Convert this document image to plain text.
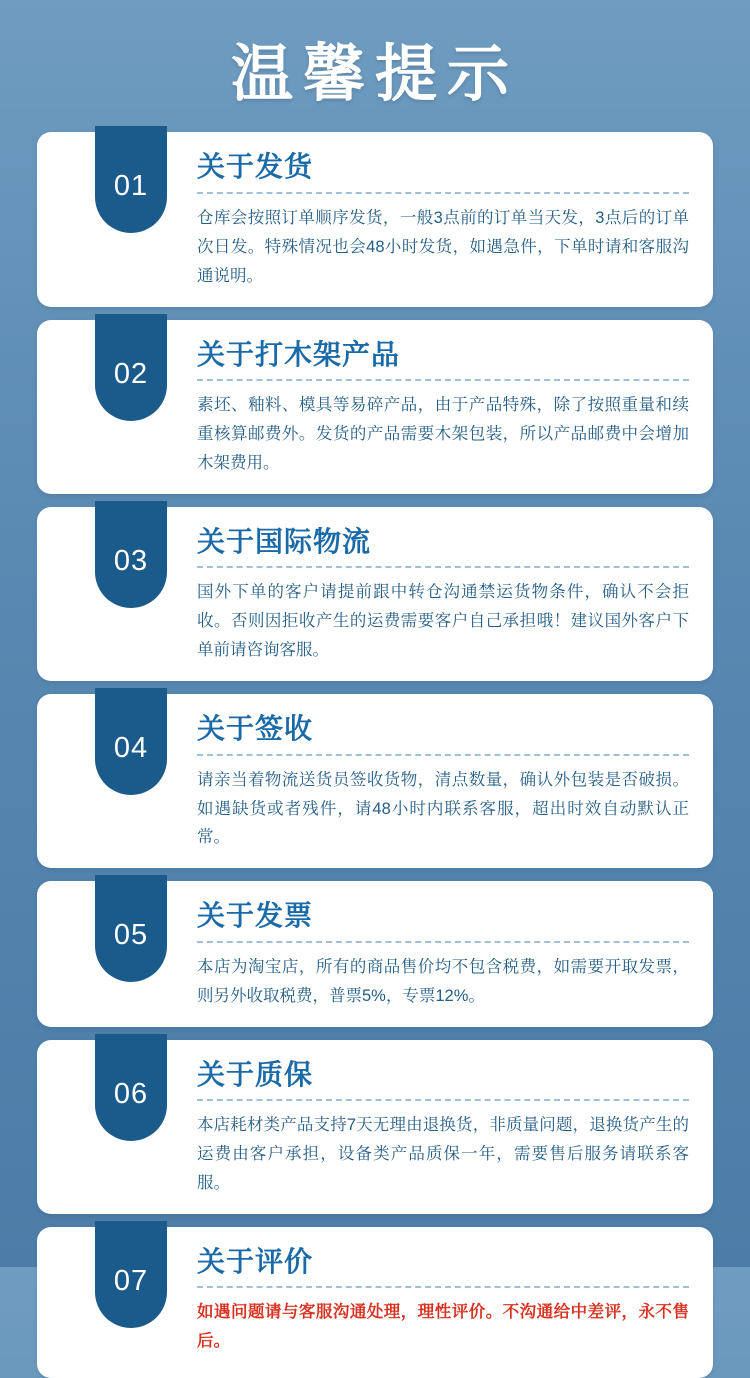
温馨提示
01
关于发货

仓库会按照订单顺序发货，一般3点前的订单当天发，3点后的订单次日发。特殊情况也会48小时发货，如遇急件，下单时请和客服沟通说明。

02
关于打木架产品

素坯、釉料、模具等易碎产品，由于产品特殊，除了按照重量和续重核算邮费外。发货的产品需要木架包装，所以产品邮费中会增加木架费用。

03
关于国际物流

国外下单的客户请提前跟中转仓沟通禁运货物条件，确认不会拒收。否则因拒收产生的运费需要客户自己承担哦！建议国外客户下单前请咨询客服。

04
关于签收

请亲当着物流送货员签收货物，清点数量，确认外包装是否破损。如遇缺货或者残件，请48小时内联系客服，超出时效自动默认正常。

05
关于发票

本店为淘宝店，所有的商品售价均不包含税费，如需要开取发票，则另外收取税费，普票5%，专票12%。

06
关于质保

本店耗材类产品支持7天无理由退换货，非质量问题，退换货产生的运费由客户承担，设备类产品质保一年，需要售后服务请联系客服。

07
关于评价

如遇问题请与客服沟通处理，理性评价。不沟通给中差评，永不售后。
